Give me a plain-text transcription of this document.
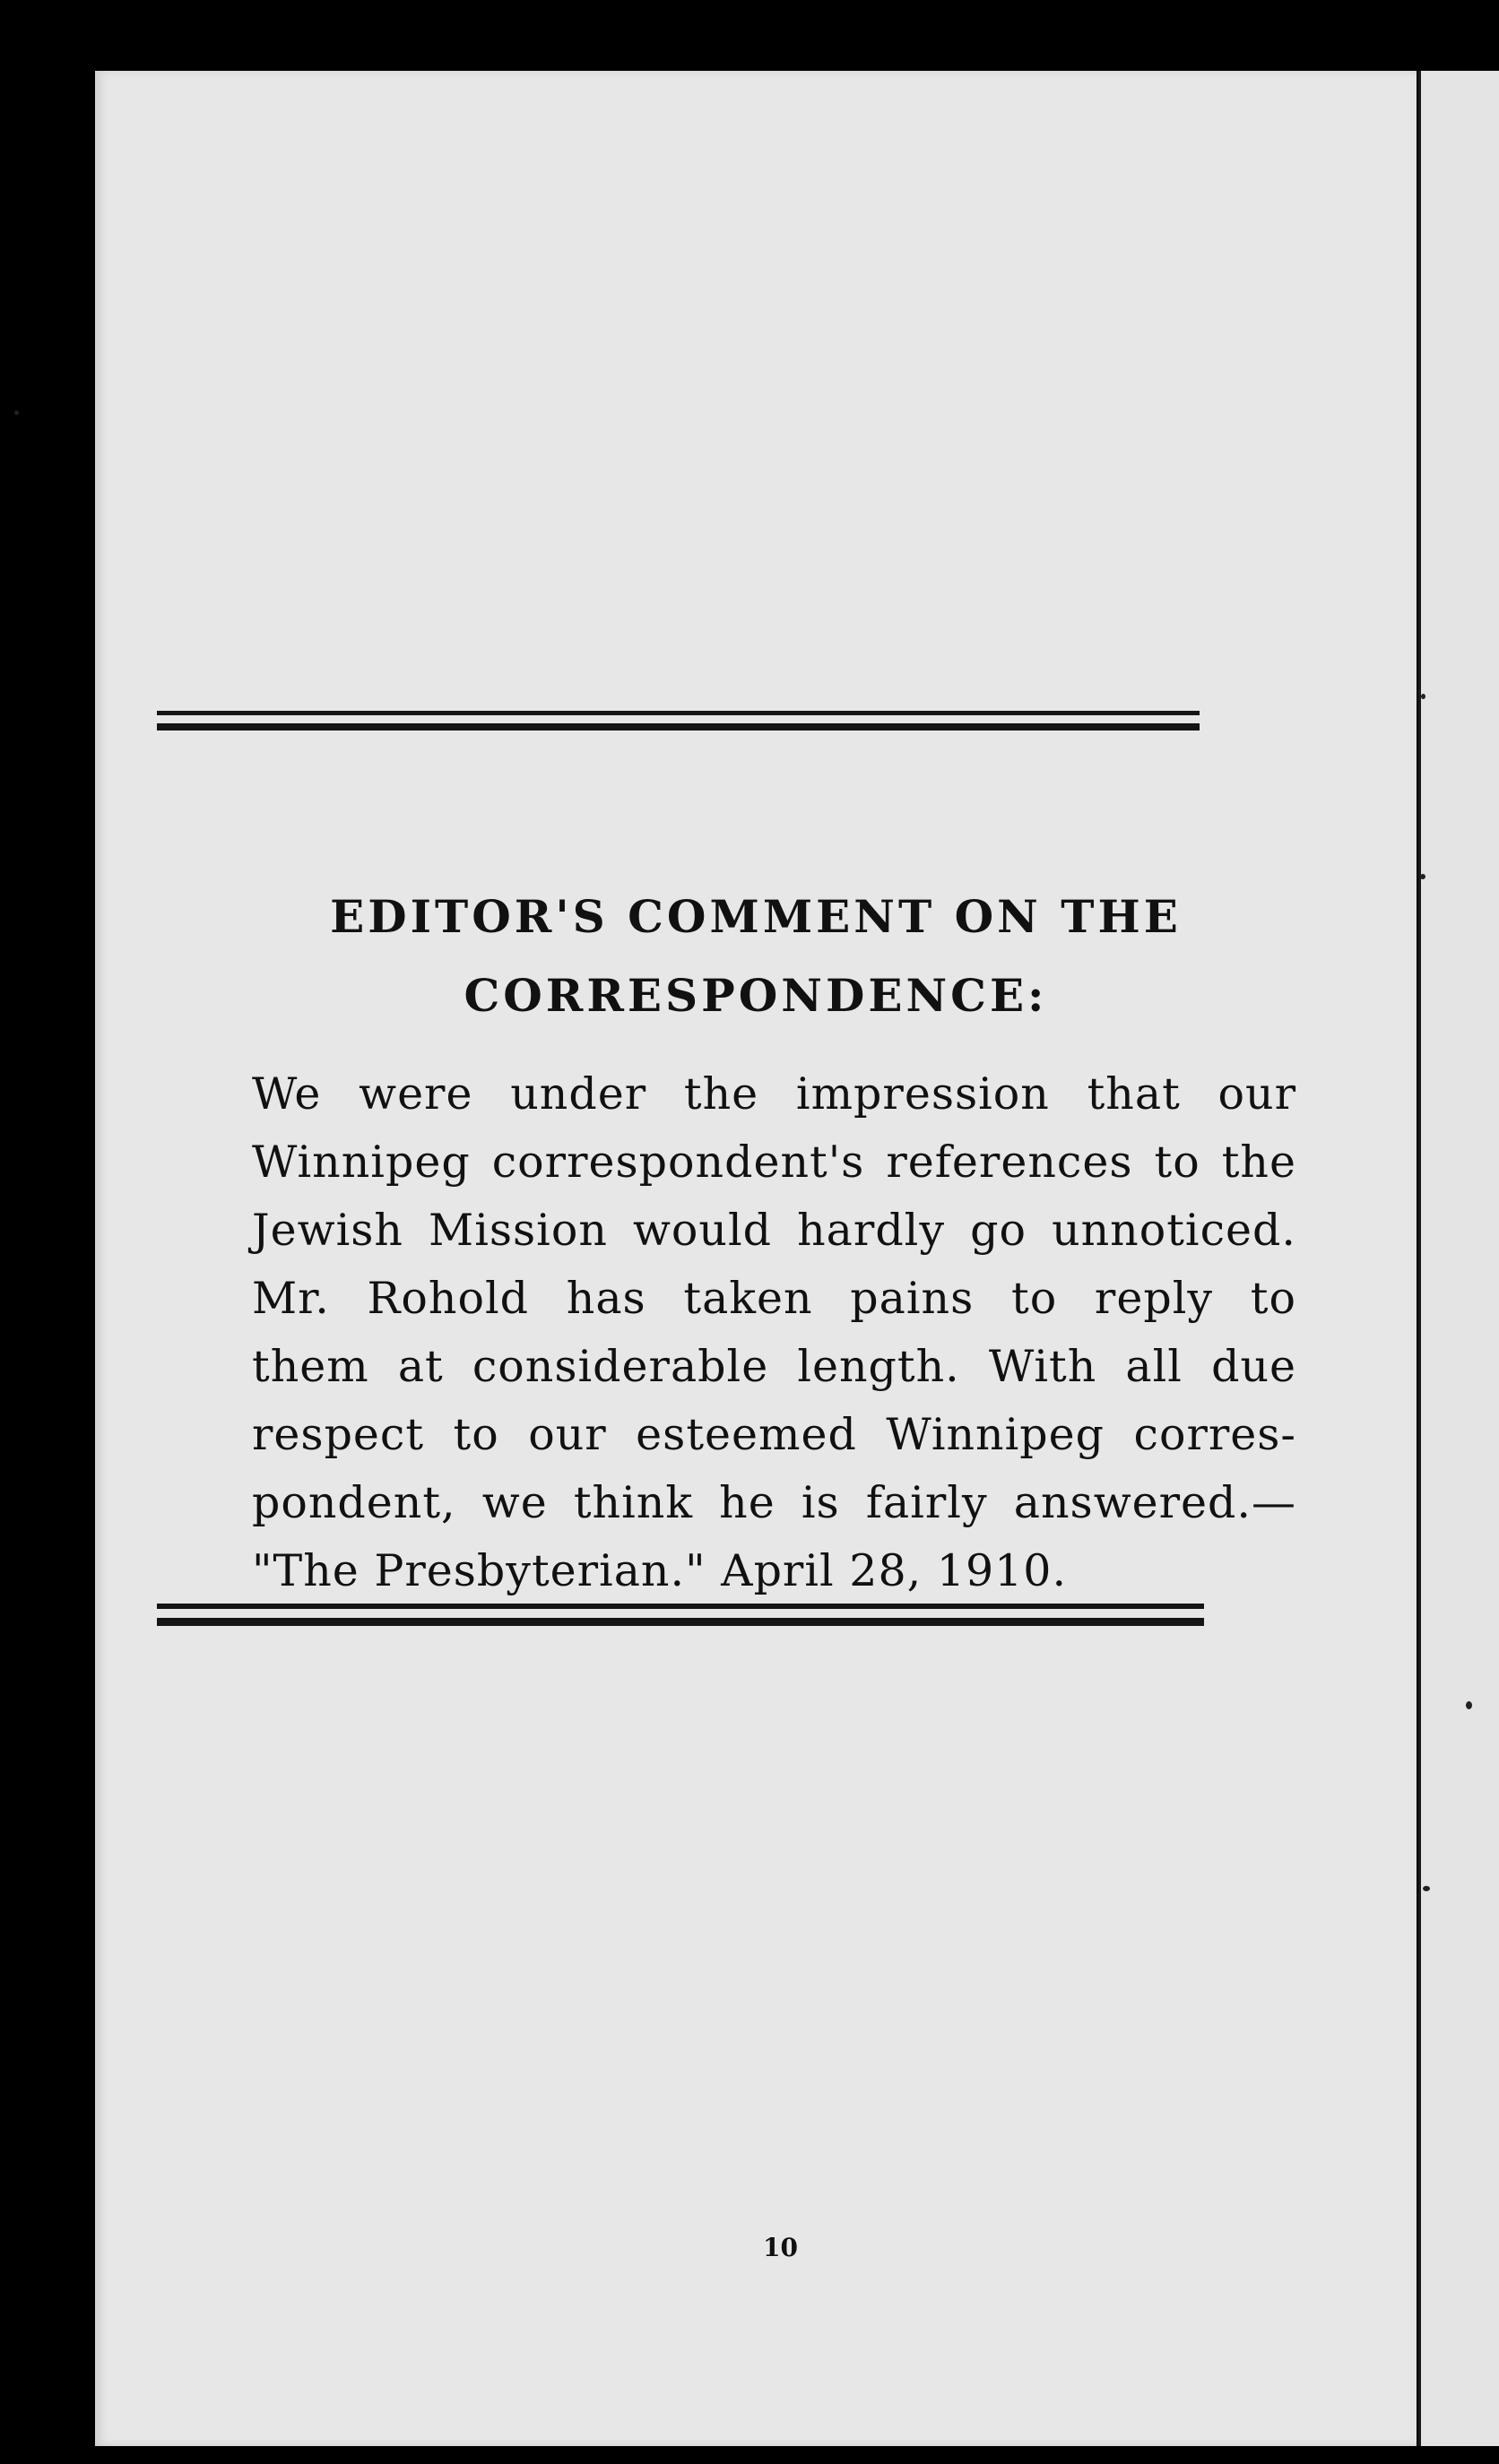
EDITOR'S COMMENT ON THE
CORRESPONDENCE:
We were under the impression that our
Winnipeg correspondent's references to the
Jewish Mission would hardly go unnoticed.
Mr. Rohold has taken pains to reply to
them at considerable length. With all due
respect to our esteemed Winnipeg corres-
pondent, we think he is fairly answered.—
"The Presbyterian." April 28, 1910.
10
